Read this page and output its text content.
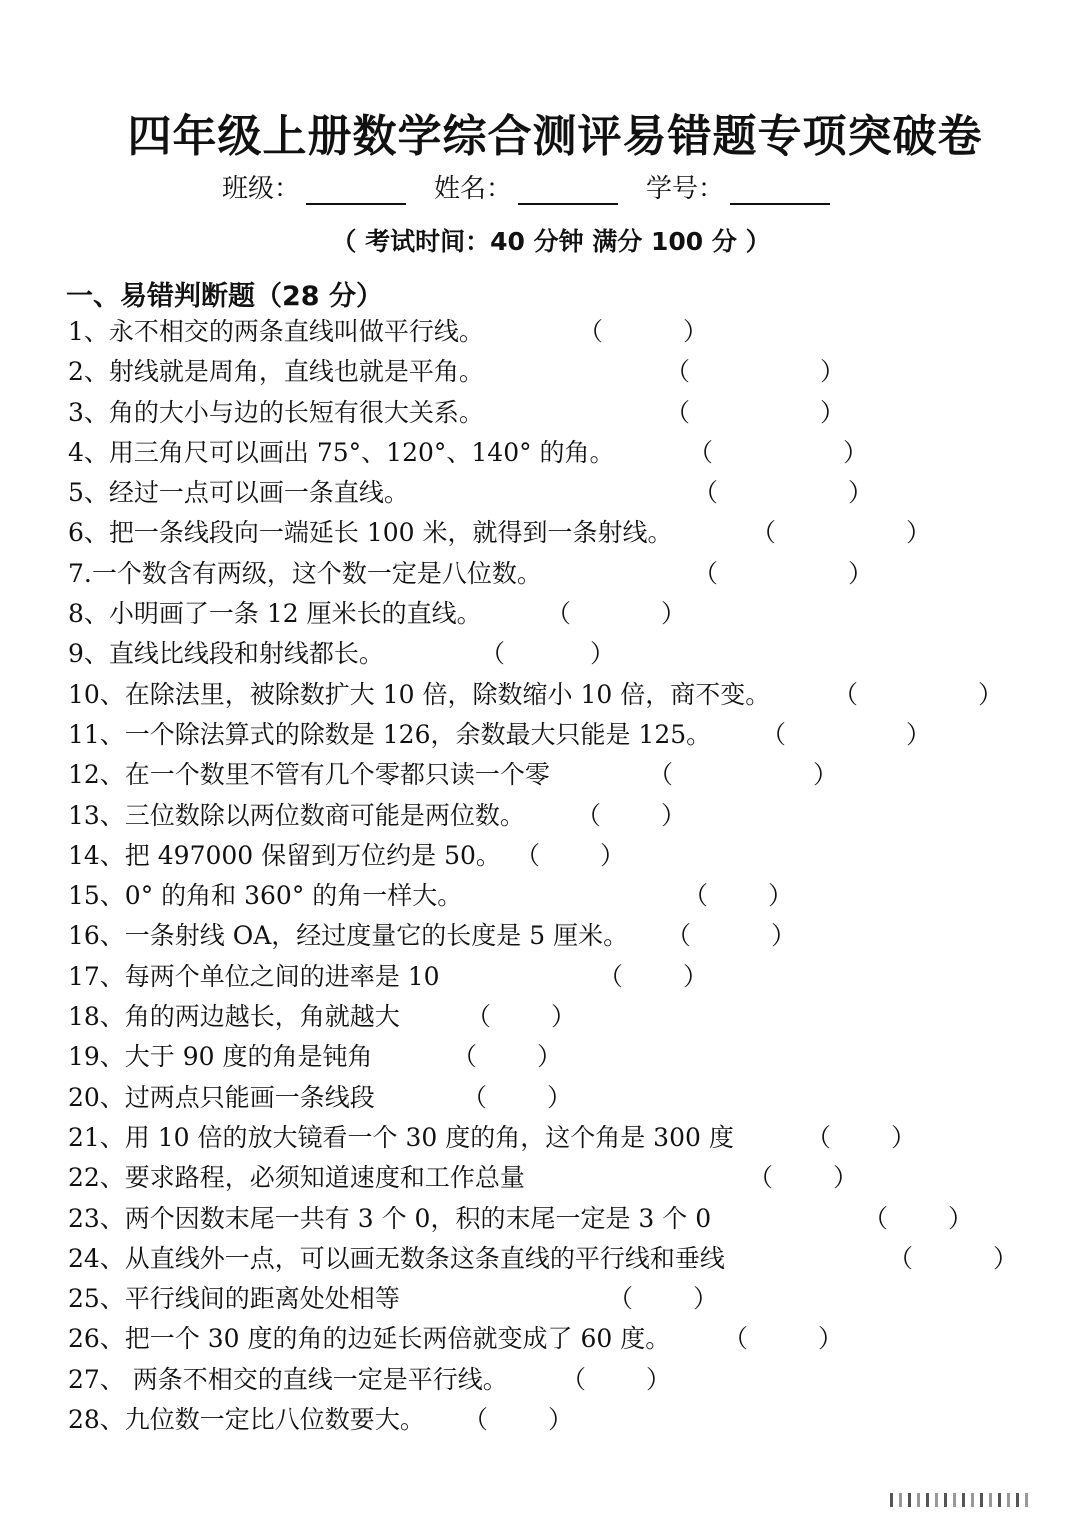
四年级上册数学综合测评易错题专项突破卷
班级：	姓名：	学号：
（ 考试时间：40 分钟 满分 100 分 ）
一、易错判断题（28 分）
1、永不相交的两条直线叫做平行线。	（	）
2、射线就是周角，直线也就是平角。	（	）
3、角的大小与边的长短有很大关系。	（	）
4、用三角尺可以画出 75°、120°、140° 的角。	（	）
5、经过一点可以画一条直线。	（	）
6、把一条线段向一端延长 100 米，就得到一条射线。	（	）
7.一个数含有两级，这个数一定是八位数。	（	）
8、小明画了一条 12 厘米长的直线。	（	）
9、直线比线段和射线都长。	（	）
10、在除法里，被除数扩大 10 倍，除数缩小 10 倍，商不变。	（	）
11、一个除法算式的除数是 126，余数最大只能是 125。 （	）
12、在一个数里不管有几个零都只读一个零	（	）
13、三位数除以两位数商可能是两位数。 （ ）
14、把 497000 保留到万位约是 50。 （ ）
15、0° 的角和 360° 的角一样大。	（ ）
16、一条射线 OA，经过度量它的长度是 5 厘米。 （	）
17、每两个单位之间的进率是 10	（ ）
18、角的两边越长，角就越大	（ ）
19、大于 90 度的角是钝角	（ ）
20、过两点只能画一条线段	（ ）
21、用 10 倍的放大镜看一个 30 度的角，这个角是 300 度	（ ）
22、要求路程，必须知道速度和工作总量	（ ）
23、两个因数末尾一共有 3 个 0，积的末尾一定是 3 个 0	（ ）
24、从直线外一点，可以画无数条这条直线的平行线和垂线	（	）
25、平行线间的距离处处相等	（ ）
26、把一个 30 度的角的边延长两倍就变成了 60 度。 （	）
27、 两条不相交的直线一定是平行线。 （ ）
28、九位数一定比八位数要大。 （ ）
